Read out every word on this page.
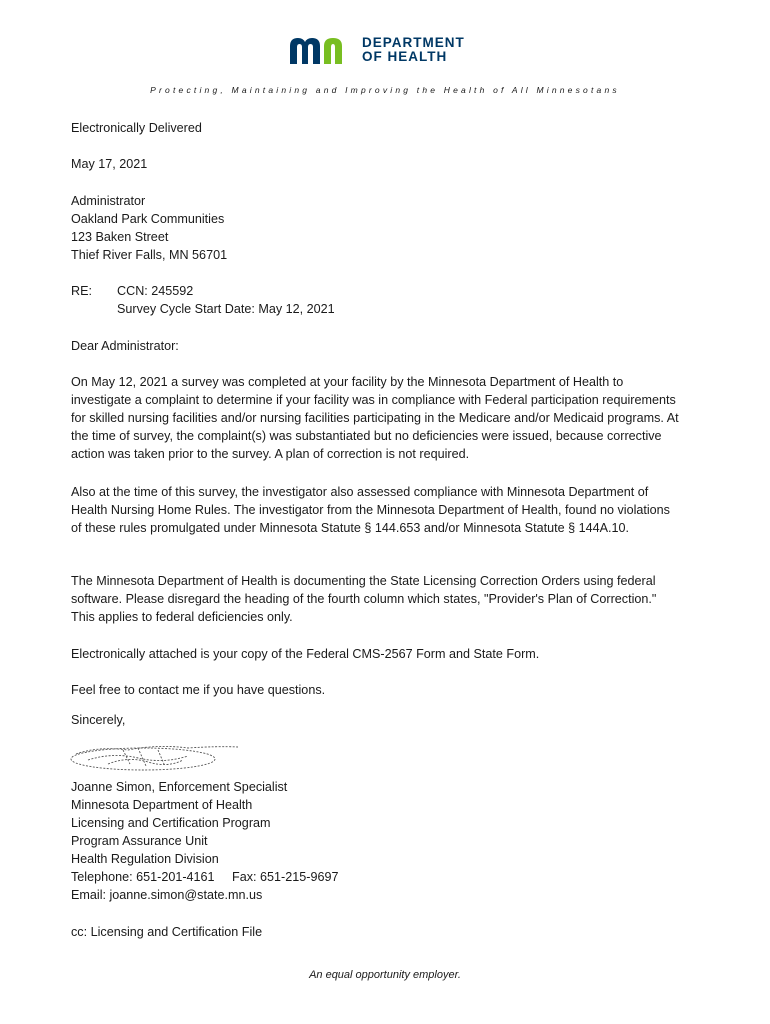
DEPARTMENT
OF HEALTH
Protecting, Maintaining and Improving the Health of All Minnesotans
Electronically Delivered
May 17, 2021
Administrator
Oakland Park Communities
123 Baken Street
Thief River Falls, MN 56701
RE: CCN: 245592
Survey Cycle Start Date: May 12, 2021
Dear Administrator:
On May 12, 2021 a survey was completed at your facility by the Minnesota Department of Health to investigate a complaint to determine if your facility was in compliance with Federal participation requirements for skilled nursing facilities and/or nursing facilities participating in the Medicare and/or Medicaid programs. At the time of survey, the complaint(s) was substantiated but no deficiencies were issued, because corrective action was taken prior to the survey. A plan of correction is not required.
Also at the time of this survey, the investigator also assessed compliance with Minnesota Department of Health Nursing Home Rules. The investigator from the Minnesota Department of Health, found no violations of these rules promulgated under Minnesota Statute § 144.653 and/or Minnesota Statute § 144A.10.
The Minnesota Department of Health is documenting the State Licensing Correction Orders using federal software. Please disregard the heading of the fourth column which states, "Provider's Plan of Correction." This applies to federal deficiencies only.
Electronically attached is your copy of the Federal CMS-2567 Form and State Form.
Feel free to contact me if you have questions.
Sincerely,
Joanne Simon, Enforcement Specialist
Minnesota Department of Health
Licensing and Certification Program
Program Assurance Unit
Health Regulation Division
Telephone: 651-201-4161     Fax: 651-215-9697
Email: joanne.simon@state.mn.us
cc: Licensing and Certification File
An equal opportunity employer.
